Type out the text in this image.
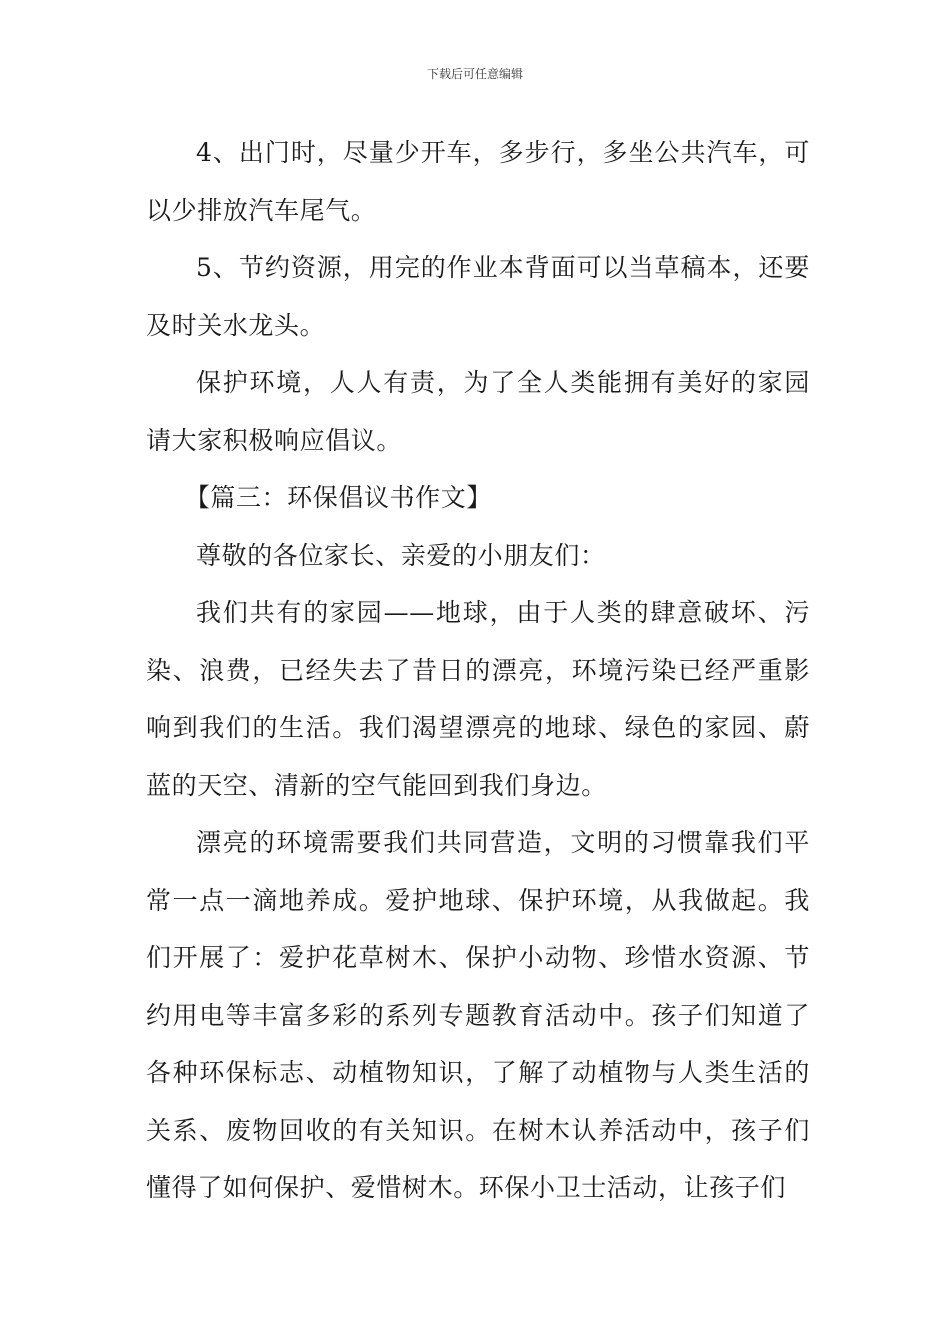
下载后可任意编辑

4、出门时，尽量少开车，多步行，多坐公共汽车，可以少排放汽车尾气。

5、节约资源，用完的作业本背面可以当草稿本，还要及时关水龙头。

保护环境，人人有责，为了全人类能拥有美好的家园请大家积极响应倡议。

【篇三：环保倡议书作文】

尊敬的各位家长、亲爱的小朋友们：

我们共有的家园——地球，由于人类的肆意破坏、污染、浪费，已经失去了昔日的漂亮，环境污染已经严重影响到我们的生活。我们渴望漂亮的地球、绿色的家园、蔚蓝的天空、清新的空气能回到我们身边。

漂亮的环境需要我们共同营造，文明的习惯靠我们平常一点一滴地养成。爱护地球、保护环境，从我做起。我们开展了：爱护花草树木、保护小动物、珍惜水资源、节约用电等丰富多彩的系列专题教育活动中。孩子们知道了各种环保标志、动植物知识，了解了动植物与人类生活的关系、废物回收的有关知识。在树木认养活动中，孩子们懂得了如何保护、爱惜树木。环保小卫士活动，让孩子们
